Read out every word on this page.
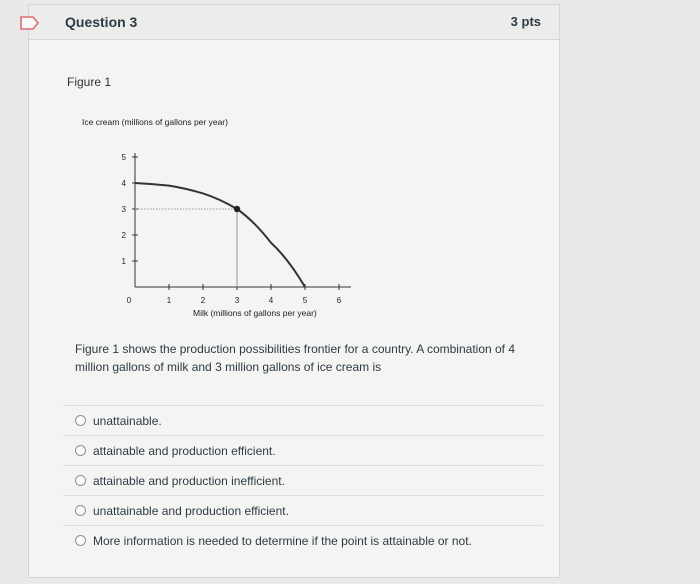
Question 3	3 pts
Figure 1
Ice cream (millions of gallons per year)
Milk (millions of gallons per year)
1
2
3
4
5
0	1	2	3	4	5	6
Figure 1 shows the production possibilities frontier for a country. A combination of 4 million gallons of milk and 3 million gallons of ice cream is
unattainable.
attainable and production efficient.
attainable and production inefficient.
unattainable and production efficient.
More information is needed to determine if the point is attainable or not.
